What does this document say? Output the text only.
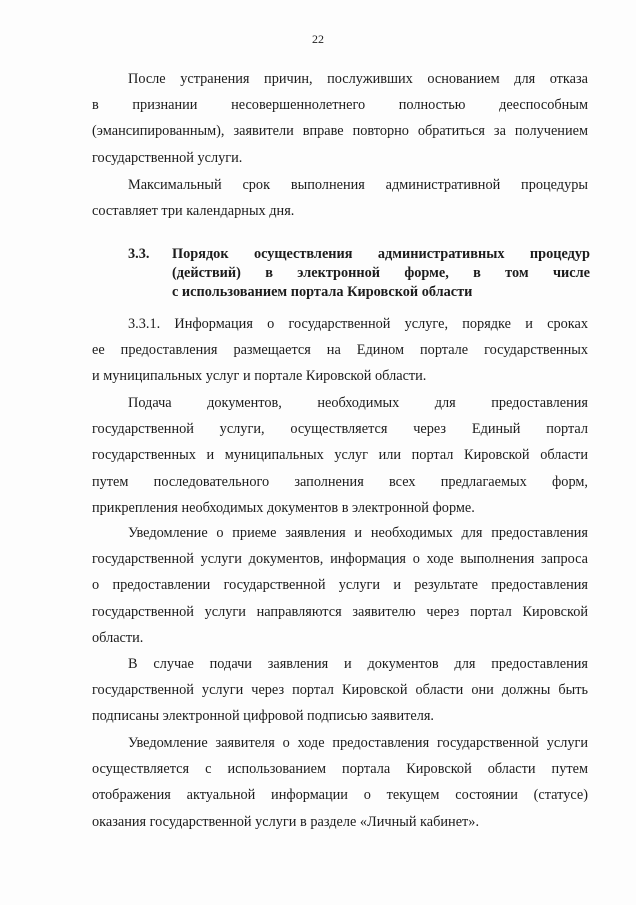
22

После устранения причин, послуживших основанием для отказа

в признании несовершеннолетнего полностью дееспособным

(эмансипированным), заявители вправе повторно обратиться за получением

государственной услуги.

Максимальный срок выполнения административной процедуры

составляет три календарных дня.

3.3. Порядок осуществления административных процедур
(действий) в электронной форме, в том числе
с использованием портала Кировской области

3.3.1. Информация о государственной услуге, порядке и сроках

ее предоставления размещается на Едином портале государственных

и муниципальных услуг и портале Кировской области.

Подача документов, необходимых для предоставления

государственной услуги, осуществляется через Единый портал

государственных и муниципальных услуг или портал Кировской области

путем последовательного заполнения всех предлагаемых форм,

прикрепления необходимых документов в электронной форме.

Уведомление о приеме заявления и необходимых для предоставления

государственной услуги документов, информация о ходе выполнения запроса

о предоставлении государственной услуги и результате предоставления

государственной услуги направляются заявителю через портал Кировской

области.

В случае подачи заявления и документов для предоставления

государственной услуги через портал Кировской области они должны быть

подписаны электронной цифровой подписью заявителя.

Уведомление заявителя о ходе предоставления государственной услуги

осуществляется с использованием портала Кировской области путем

отображения актуальной информации о текущем состоянии (статусе)

оказания государственной услуги в разделе «Личный кабинет».
